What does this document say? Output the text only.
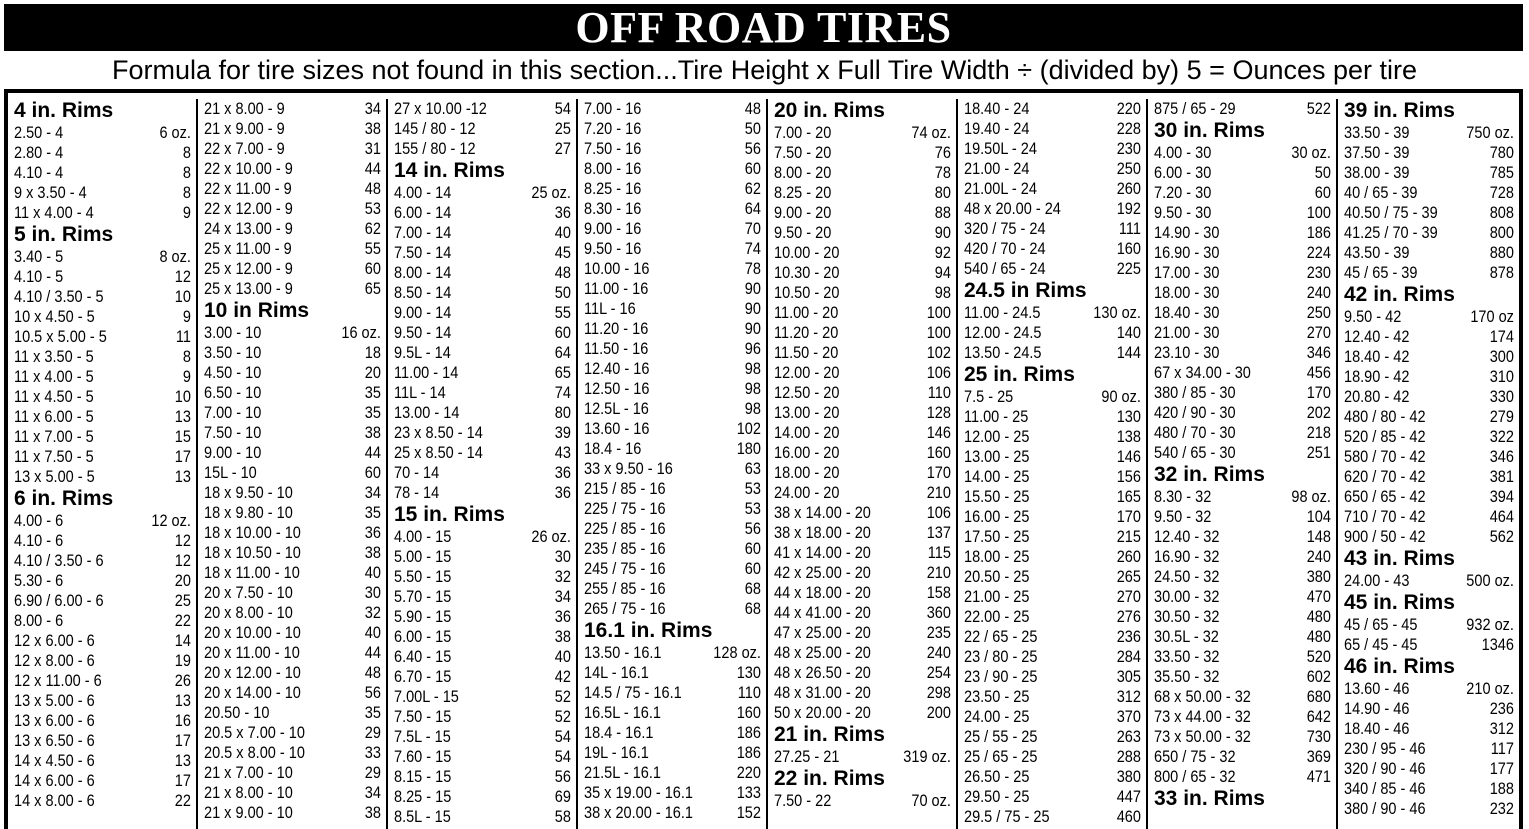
OFF ROAD TIRES
Formula for tire sizes not found in this section...Tire Height x Full Tire Width ÷ (divided by) 5 = Ounces per tire
4 in. Rims
2.50 - 4	6 oz.
2.80 - 4	8
4.10 - 4	8
9 x 3.50 - 4	8
11 x 4.00 - 4	9
5 in. Rims
3.40 - 5	8 oz.
4.10 - 5	12
4.10 / 3.50 - 5	10
10 x 4.50 - 5	9
10.5 x 5.00 - 5	11
11 x 3.50 - 5	8
11 x 4.00 - 5	9
11 x 4.50 - 5	10
11 x 6.00 - 5	13
11 x 7.00 - 5	15
11 x 7.50 - 5	17
13 x 5.00 - 5	13
6 in. Rims
4.00 - 6	12 oz.
4.10 - 6	12
4.10 / 3.50 - 6	12
5.30 - 6	20
6.90 / 6.00 - 6	25
8.00 - 6	22
12 x 6.00 - 6	14
12 x 8.00 - 6	19
12 x 11.00 - 6	26
13 x 5.00 - 6	13
13 x 6.00 - 6	16
13 x 6.50 - 6	17
14 x 4.50 - 6	13
14 x 6.00 - 6	17
14 x 8.00 - 6	22
21 x 8.00 - 9	34
21 x 9.00 - 9	38
22 x 7.00 - 9	31
22 x 10.00 - 9	44
22 x 11.00 - 9	48
22 x 12.00 - 9	53
24 x 13.00 - 9	62
25 x 11.00 - 9	55
25 x 12.00 - 9	60
25 x 13.00 - 9	65
10 in Rims
3.00 - 10	16 oz.
3.50 - 10	18
4.50 - 10	20
6.50 - 10	35
7.00 - 10	35
7.50 - 10	38
9.00 - 10	44
15L - 10	60
18 x 9.50 - 10	34
18 x 9.80 - 10	35
18 x 10.00 - 10	36
18 x 10.50 - 10	38
18 x 11.00 - 10	40
20 x 7.50 - 10	30
20 x 8.00 - 10	32
20 x 10.00 - 10	40
20 x 11.00 - 10	44
20 x 12.00 - 10	48
20 x 14.00 - 10	56
20.50 - 10	35
20.5 x 7.00 - 10	29
20.5 x 8.00 - 10	33
21 x 7.00 - 10	29
21 x 8.00 - 10	34
21 x 9.00 - 10	38
27 x 10.00 -12	54
145 / 80 - 12	25
155 / 80 - 12	27
14 in. Rims
4.00 - 14	25 oz.
6.00 - 14	36
7.00 - 14	40
7.50 - 14	45
8.00 - 14	48
8.50 - 14	50
9.00 - 14	55
9.50 - 14	60
9.5L - 14	64
11.00 - 14	65
11L - 14	74
13.00 - 14	80
23 x 8.50 - 14	39
25 x 8.50 - 14	43
70 - 14	36
78 - 14	36
15 in. Rims
4.00 - 15	26 oz.
5.00 - 15	30
5.50 - 15	32
5.70 - 15	34
5.90 - 15	36
6.00 - 15	38
6.40 - 15	40
6.70 - 15	42
7.00L - 15	52
7.50 - 15	52
7.5L - 15	54
7.60 - 15	54
8.15 - 15	56
8.25 - 15	69
8.5L - 15	58
7.00 - 16	48
7.20 - 16	50
7.50 - 16	56
8.00 - 16	60
8.25 - 16	62
8.30 - 16	64
9.00 - 16	70
9.50 - 16	74
10.00 - 16	78
11.00 - 16	90
11L - 16	90
11.20 - 16	90
11.50 - 16	96
12.40 - 16	98
12.50 - 16	98
12.5L - 16	98
13.60 - 16	102
18.4 - 16	180
33 x 9.50 - 16	63
215 / 85 - 16	53
225 / 75 - 16	53
225 / 85 - 16	56
235 / 85 - 16	60
245 / 75 - 16	60
255 / 85 - 16	68
265 / 75 - 16	68
16.1 in. Rims
13.50 - 16.1	128 oz.
14L - 16.1	130
14.5 / 75 - 16.1	110
16.5L - 16.1	160
18.4 - 16.1	186
19L - 16.1	186
21.5L - 16.1	220
35 x 19.00 - 16.1	133
38 x 20.00 - 16.1	152
20 in. Rims
7.00 - 20	74 oz.
7.50 - 20	76
8.00 - 20	78
8.25 - 20	80
9.00 - 20	88
9.50 - 20	90
10.00 - 20	92
10.30 - 20	94
10.50 - 20	98
11.00 - 20	100
11.20 - 20	100
11.50 - 20	102
12.00 - 20	106
12.50 - 20	110
13.00 - 20	128
14.00 - 20	146
16.00 - 20	160
18.00 - 20	170
24.00 - 20	210
38 x 14.00 - 20	106
38 x 18.00 - 20	137
41 x 14.00 - 20	115
42 x 25.00 - 20	210
44 x 18.00 - 20	158
44 x 41.00 - 20	360
47 x 25.00 - 20	235
48 x 25.00 - 20	240
48 x 26.50 - 20	254
48 x 31.00 - 20	298
50 x 20.00 - 20	200
21 in. Rims
27.25 - 21	319 oz.
22 in. Rims
7.50 - 22	70 oz.
18.40 - 24	220
19.40 - 24	228
19.50L - 24	230
21.00 - 24	250
21.00L - 24	260
48 x 20.00 - 24	192
320 / 75 - 24	111
420 / 70 - 24	160
540 / 65 - 24	225
24.5 in Rims
11.00 - 24.5	130 oz.
12.00 - 24.5	140
13.50 - 24.5	144
25 in. Rims
7.5 - 25	90 oz.
11.00 - 25	130
12.00 - 25	138
13.00 - 25	146
14.00 - 25	156
15.50 - 25	165
16.00 - 25	170
17.50 - 25	215
18.00 - 25	260
20.50 - 25	265
21.00 - 25	270
22.00 - 25	276
22 / 65 - 25	236
23 / 80 - 25	284
23 / 90 - 25	305
23.50 - 25	312
24.00 - 25	370
25 / 55 - 25	263
25 / 65 - 25	288
26.50 - 25	380
29.50 - 25	447
29.5 / 75 - 25	460
875 / 65 - 29	522
30 in. Rims
4.00 - 30	30 oz.
6.00 - 30	50
7.20 - 30	60
9.50 - 30	100
14.90 - 30	186
16.90 - 30	224
17.00 - 30	230
18.00 - 30	240
18.40 - 30	250
21.00 - 30	270
23.10 - 30	346
67 x 34.00 - 30	456
380 / 85 - 30	170
420 / 90 - 30	202
480 / 70 - 30	218
540 / 65 - 30	251
32 in. Rims
8.30 - 32	98 oz.
9.50 - 32	104
12.40 - 32	148
16.90 - 32	240
24.50 - 32	380
30.00 - 32	470
30.50 - 32	480
30.5L - 32	480
33.50 - 32	520
35.50 - 32	602
68 x 50.00 - 32	680
73 x 44.00 - 32	642
73 x 50.00 - 32	730
650 / 75 - 32	369
800 / 65 - 32	471
33 in. Rims
39 in. Rims
33.50 - 39	750 oz.
37.50 - 39	780
38.00 - 39	785
40 / 65 - 39	728
40.50 / 75 - 39	808
41.25 / 70 - 39	800
43.50 - 39	880
45 / 65 - 39	878
42 in. Rims
9.50 - 42	170 oz
12.40 - 42	174
18.40 - 42	300
18.90 - 42	310
20.80 - 42	330
480 / 80 - 42	279
520 / 85 - 42	322
580 / 70 - 42	346
620 / 70 - 42	381
650 / 65 - 42	394
710 / 70 - 42	464
900 / 50 - 42	562
43 in. Rims
24.00 - 43	500 oz.
45 in. Rims
45 / 65 - 45	932 oz.
65 / 45 - 45	1346
46 in. Rims
13.60 - 46	210 oz.
14.90 - 46	236
18.40 - 46	312
230 / 95 - 46	117
320 / 90 - 46	177
340 / 85 - 46	188
380 / 90 - 46	232
